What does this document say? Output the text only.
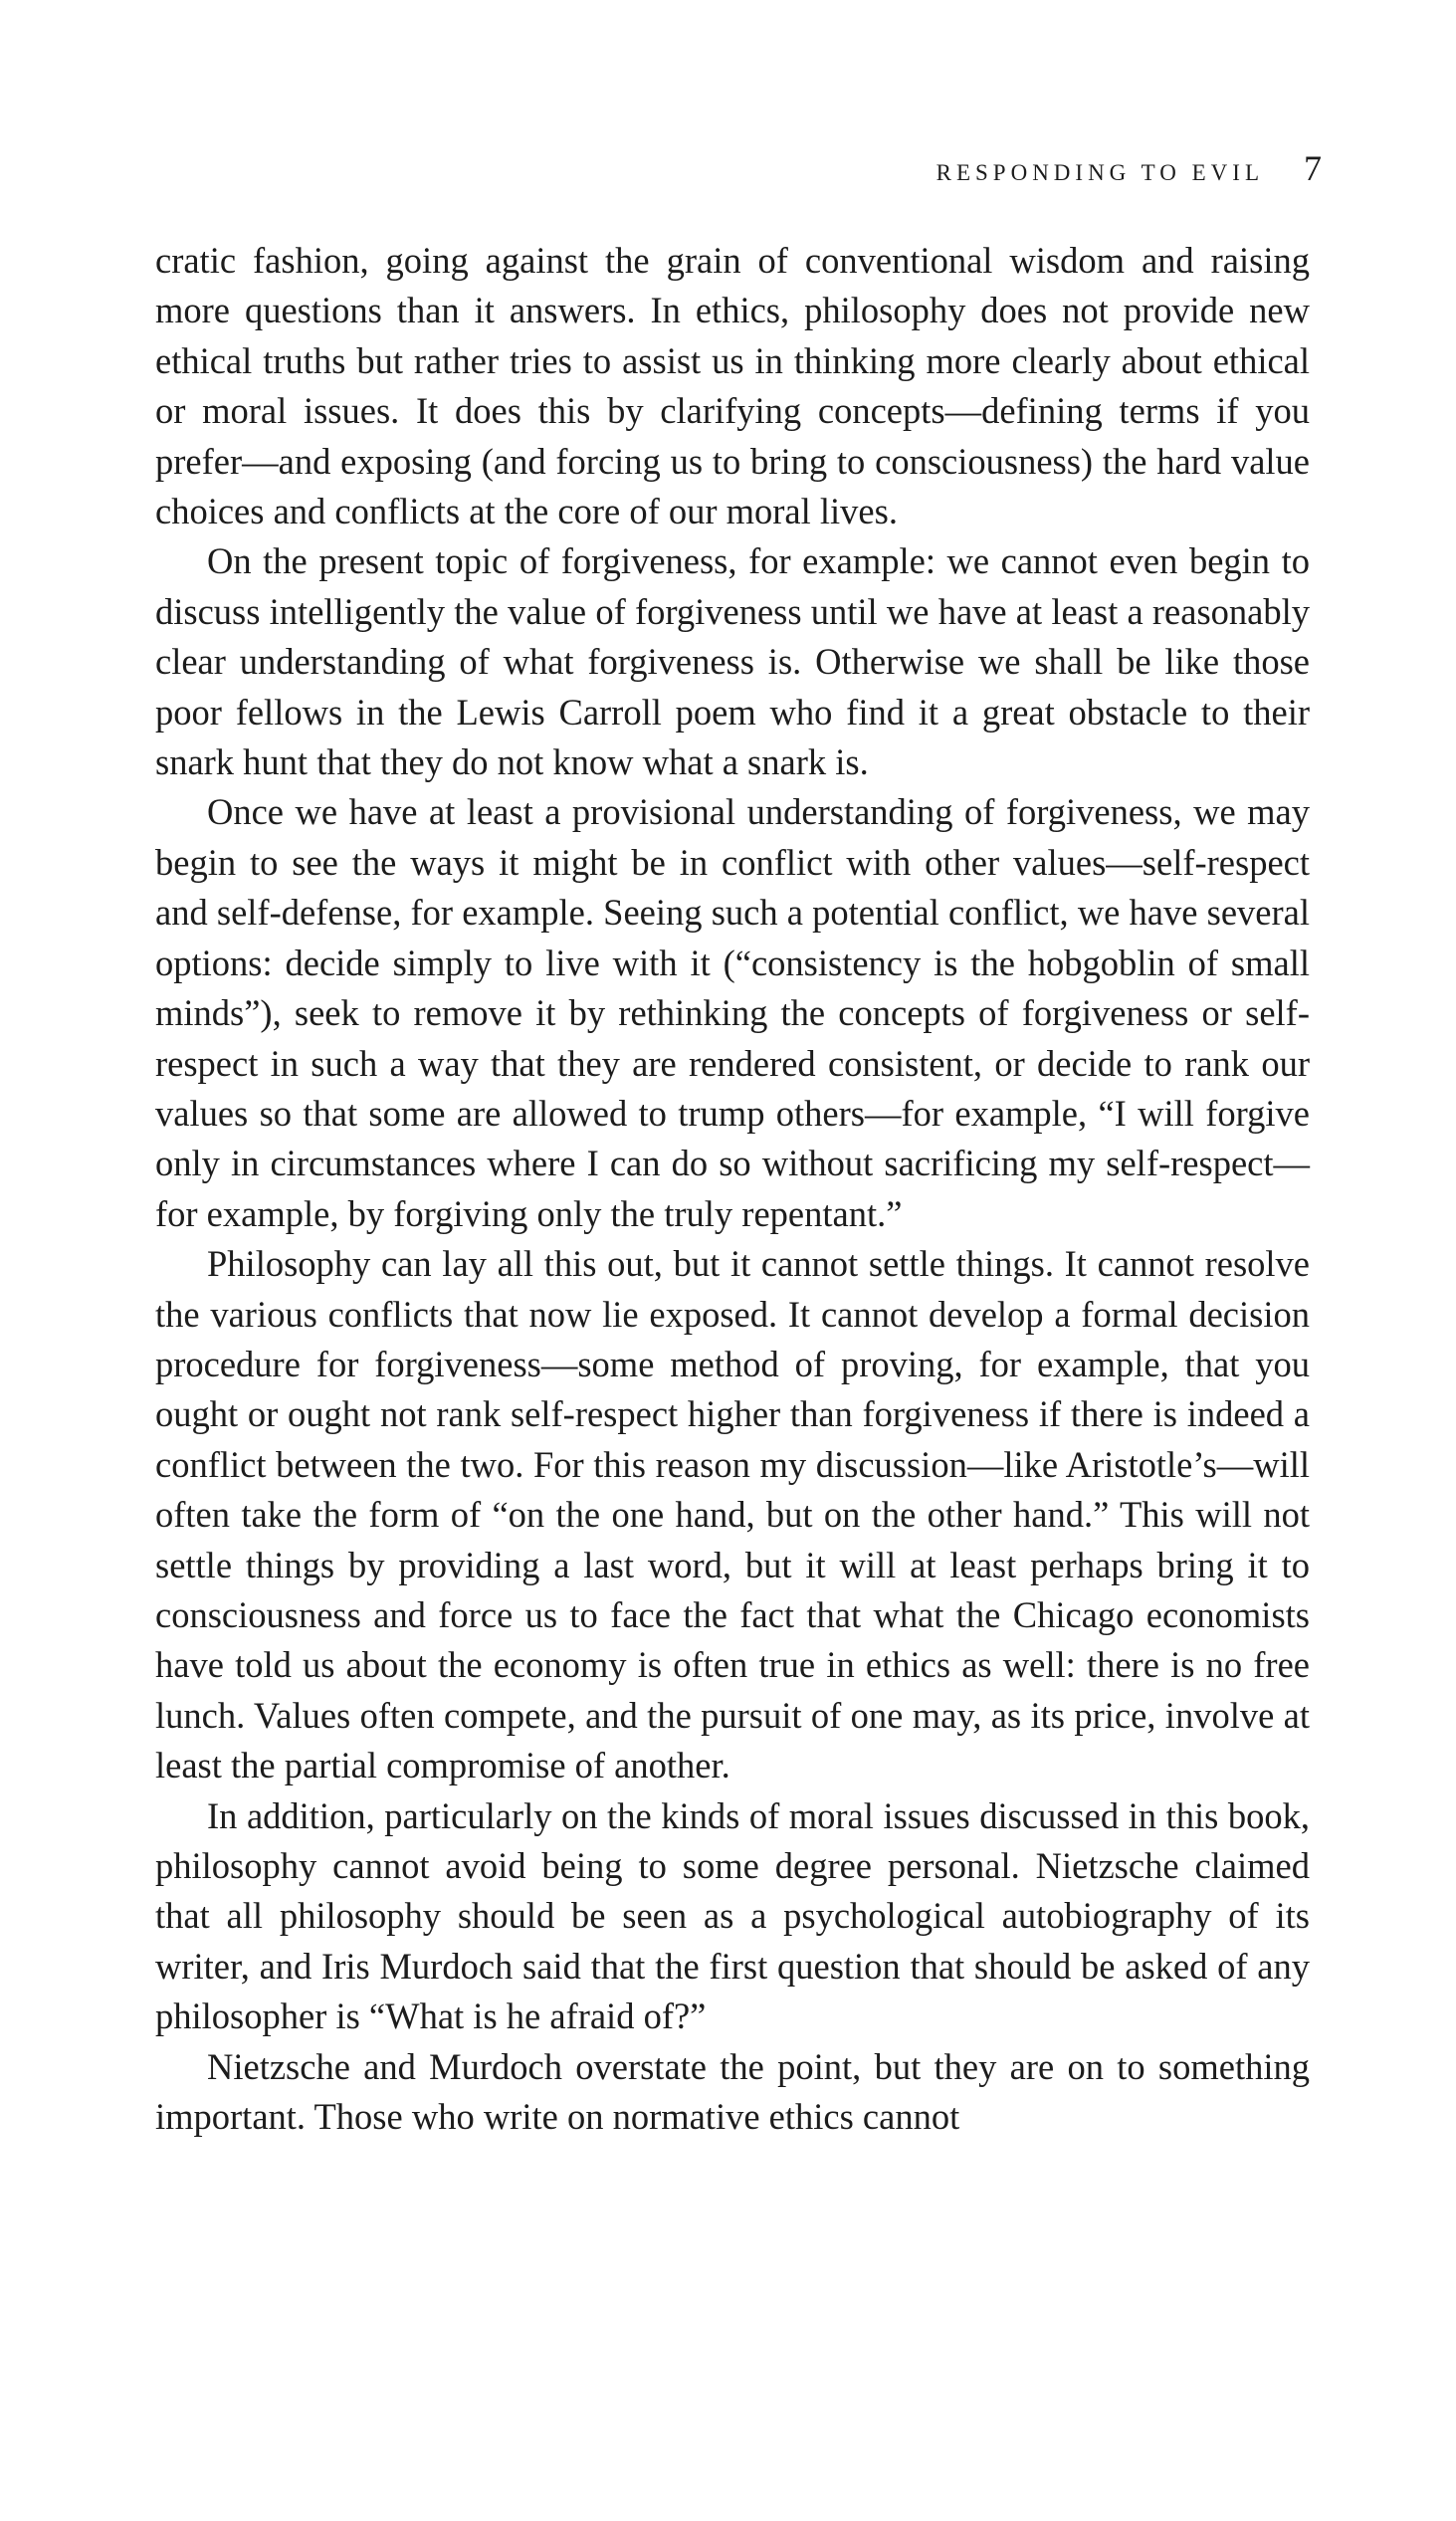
RESPONDING TO EVIL 7

cratic fashion, going against the grain of conventional wisdom and raising more questions than it answers. In ethics, philosophy does not provide new ethical truths but rather tries to assist us in thinking more clearly about ethical or moral issues. It does this by clarifying concepts—defining terms if you prefer—and exposing (and forcing us to bring to consciousness) the hard value choices and conflicts at the core of our moral lives.

On the present topic of forgiveness, for example: we cannot even begin to discuss intelligently the value of forgiveness until we have at least a reasonably clear understanding of what forgiveness is. Otherwise we shall be like those poor fellows in the Lewis Carroll poem who find it a great obstacle to their snark hunt that they do not know what a snark is.

Once we have at least a provisional understanding of forgiveness, we may begin to see the ways it might be in conflict with other values—self-respect and self-defense, for example. Seeing such a potential conflict, we have several options: decide simply to live with it (“consistency is the hobgoblin of small minds”), seek to remove it by rethinking the concepts of forgiveness or self-respect in such a way that they are rendered consistent, or decide to rank our values so that some are allowed to trump others—for example, “I will forgive only in circumstances where I can do so without sacrificing my self-respect—for example, by forgiving only the truly repentant.”

Philosophy can lay all this out, but it cannot settle things. It cannot resolve the various conflicts that now lie exposed. It cannot develop a formal decision procedure for forgiveness—some method of proving, for example, that you ought or ought not rank self-respect higher than forgiveness if there is indeed a conflict between the two. For this reason my discussion—like Aristotle’s—will often take the form of “on the one hand, but on the other hand.” This will not settle things by providing a last word, but it will at least perhaps bring it to consciousness and force us to face the fact that what the Chicago economists have told us about the economy is often true in ethics as well: there is no free lunch. Values often compete, and the pursuit of one may, as its price, involve at least the partial compromise of another.

In addition, particularly on the kinds of moral issues discussed in this book, philosophy cannot avoid being to some degree personal. Nietzsche claimed that all philosophy should be seen as a psychological autobiography of its writer, and Iris Murdoch said that the first question that should be asked of any philosopher is “What is he afraid of?”

Nietzsche and Murdoch overstate the point, but they are on to something important. Those who write on normative ethics cannot
